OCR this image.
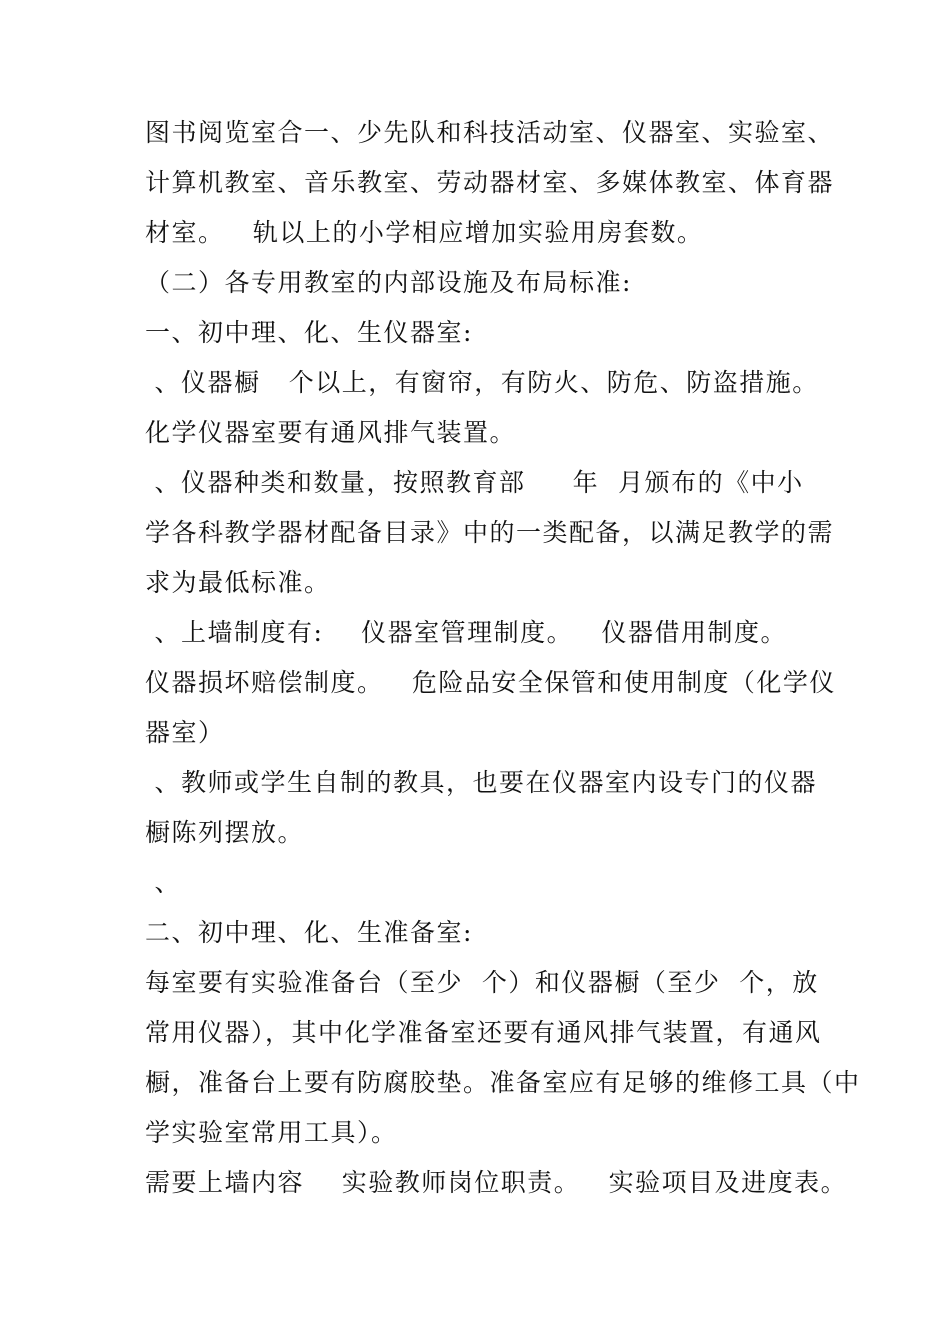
图书阅览室合一、少先队和科技活动室、仪器室、实验室、
计算机教室、音乐教室、劳动器材室、多媒体教室、体育器
材室。   轨以上的小学相应增加实验用房套数。
（二）各专用教室的内部设施及布局标准:
一、初中理、化、生仪器室:
、仪器橱   个以上，有窗帘，有防火、防危、防盗措施。
化学仪器室要有通风排气装置。
、仪器种类和数量，按照教育部     年  月颁布的《中小
学各科教学器材配备目录》中的一类配备，以满足教学的需
求为最低标准。
、上墙制度有:    仪器室管理制度。   仪器借用制度。
仪器损坏赔偿制度。   危险品安全保管和使用制度（化学仪
器室）
、教师或学生自制的教具，也要在仪器室内设专门的仪器
橱陈列摆放。
、
二、初中理、化、生准备室:
每室要有实验准备台（至少  个）和仪器橱（至少  个，放
常用仪器），其中化学准备室还要有通风排气装置，有通风
橱，准备台上要有防腐胶垫。准备室应有足够的维修工具（中
学实验室常用工具）。
需要上墙内容    实验教师岗位职责。   实验项目及进度表。
